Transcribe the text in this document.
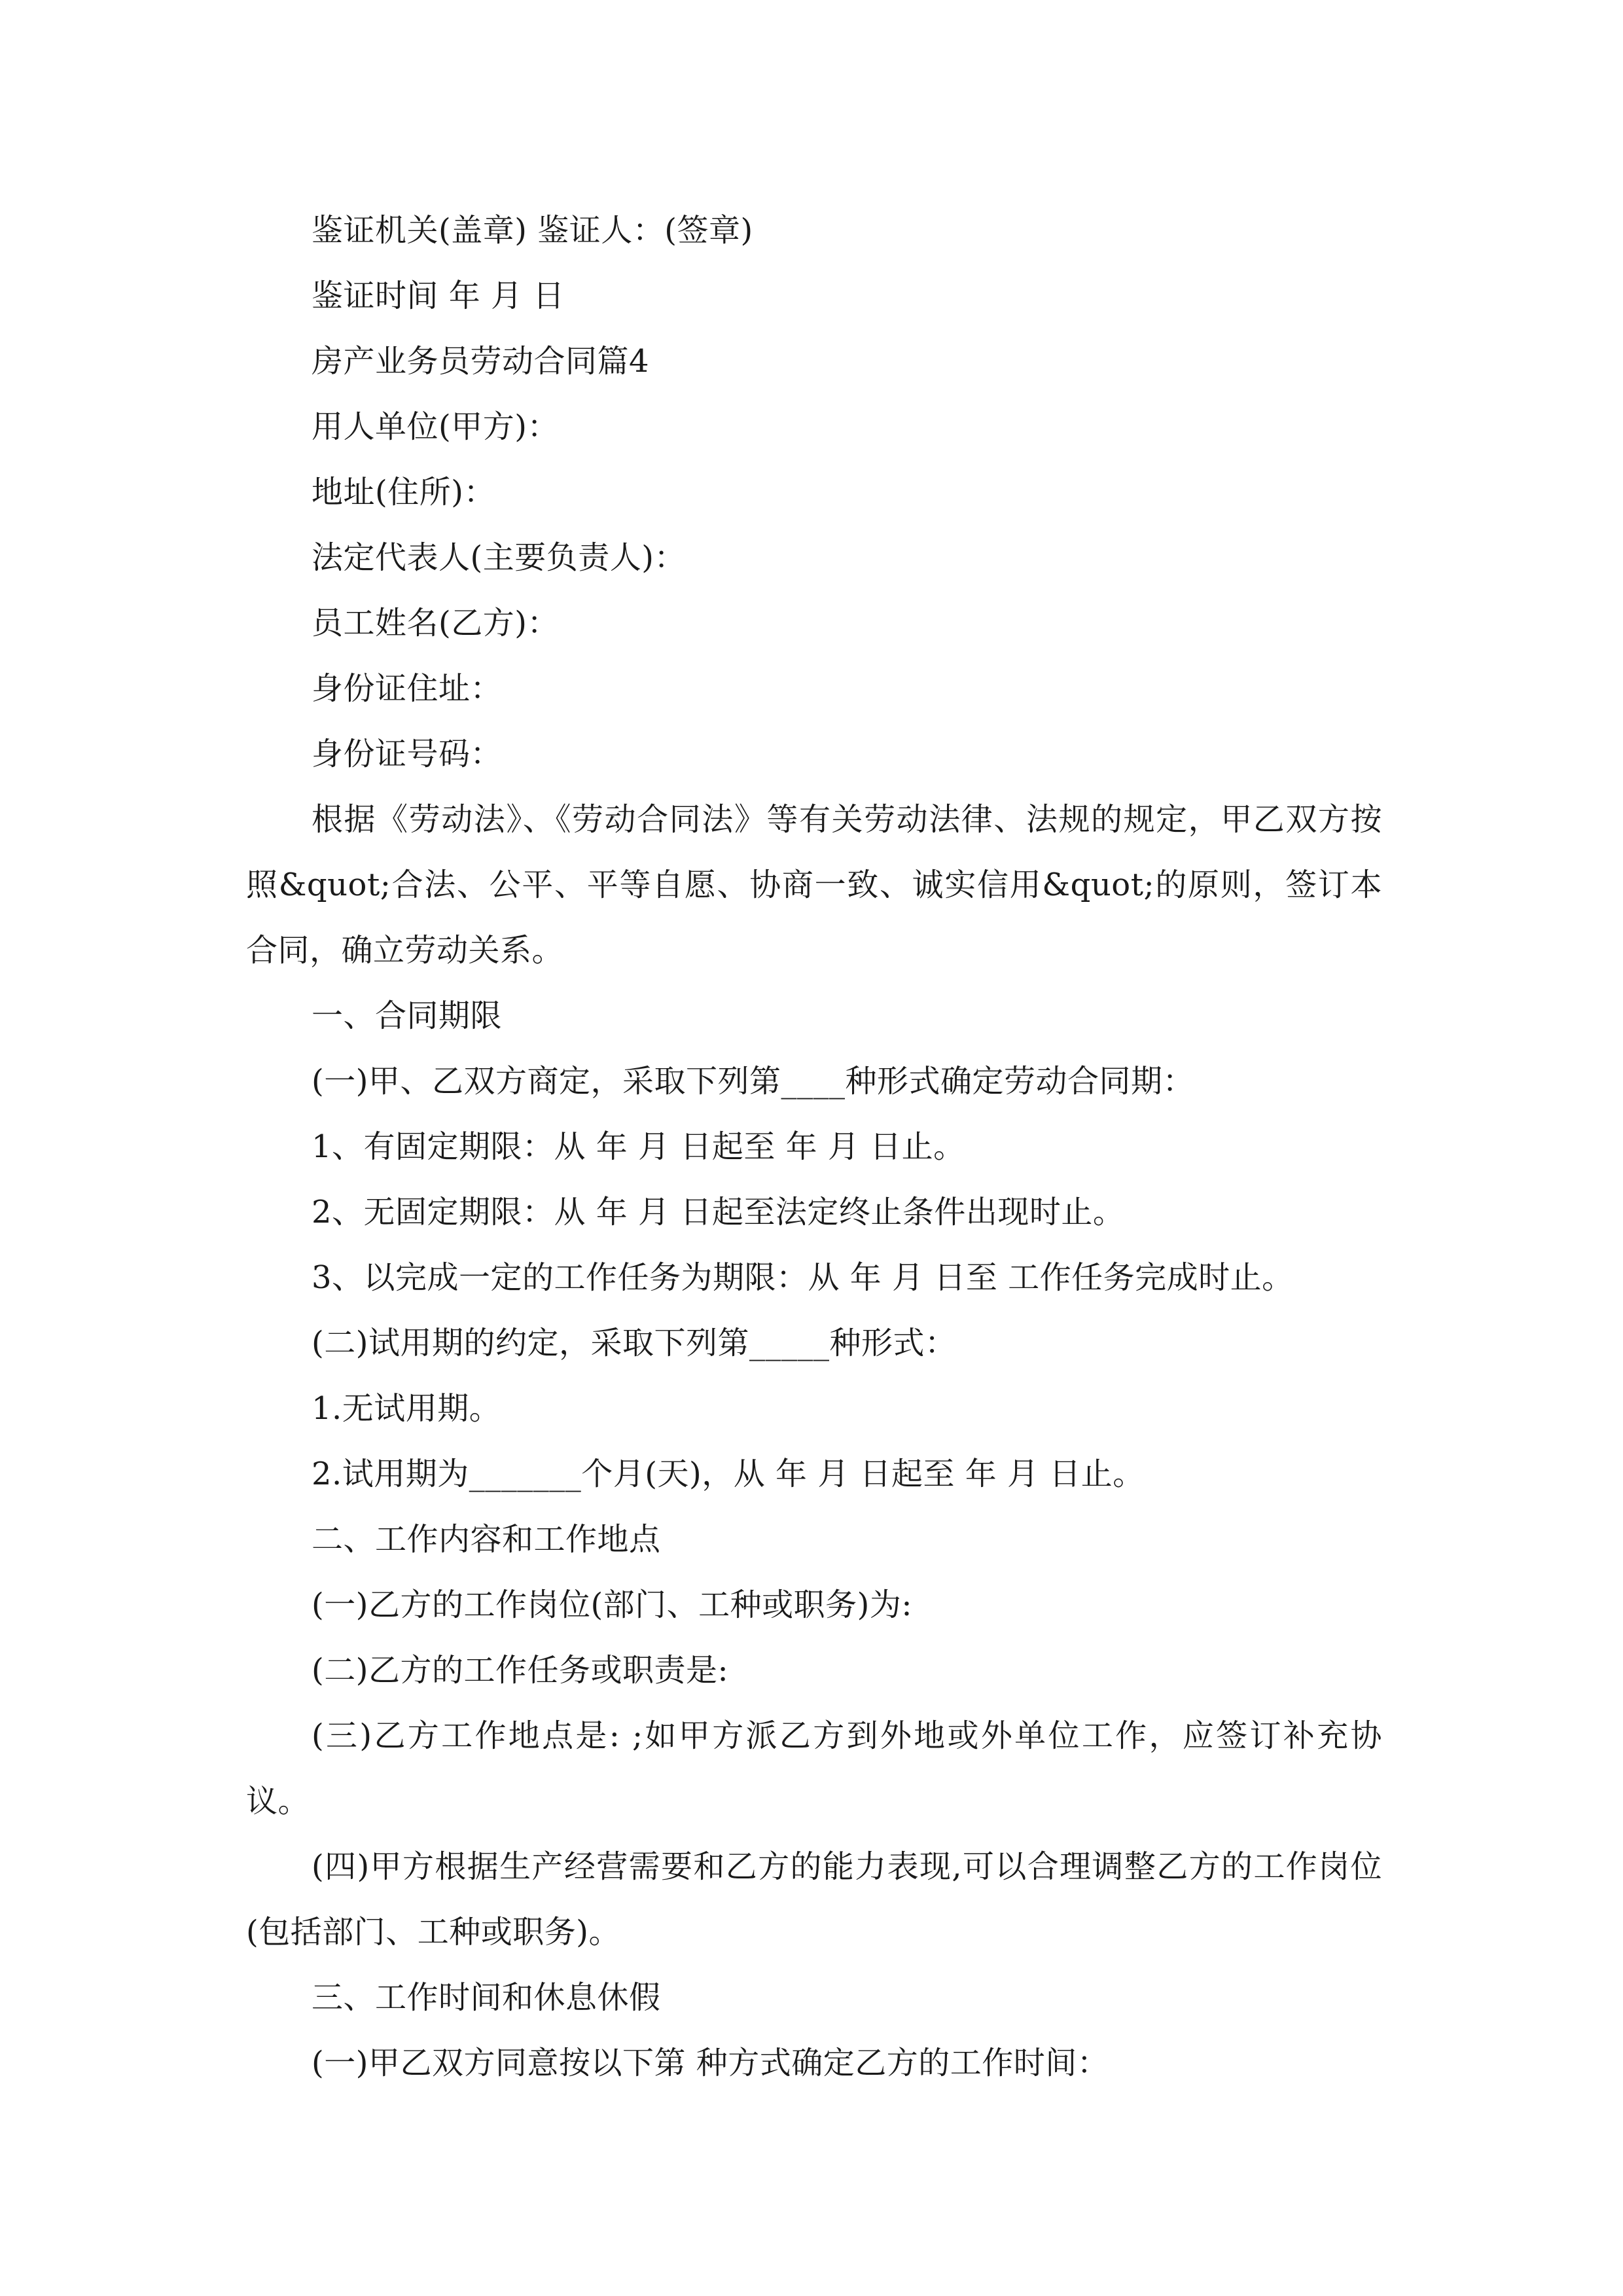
鉴证机关(盖章) 鉴证人：(签章)
鉴证时间 年 月 日
房产业务员劳动合同篇4
用人单位(甲方)：
地址(住所)：
法定代表人(主要负责人)：
员工姓名(乙方)：
身份证住址：
身份证号码：
根据《劳动法》、《劳动合同法》等有关劳动法律、法规的规定，甲乙双方按照&quot;合法、公平、平等自愿、协商一致、诚实信用&quot;的原则，签订本合同，确立劳动关系。
一、合同期限
(一)甲、乙双方商定，采取下列第____种形式确定劳动合同期：
1、有固定期限：从 年 月 日起至 年 月 日止。
2、无固定期限：从 年 月 日起至法定终止条件出现时止。
3、以完成一定的工作任务为期限：从 年 月 日至 工作任务完成时止。
(二)试用期的约定，采取下列第_____种形式：
1.无试用期。
2.试用期为_______个月(天)，从 年 月 日起至 年 月 日止。
二、工作内容和工作地点
(一)乙方的工作岗位(部门、工种或职务)为:
(二)乙方的工作任务或职责是:
(三)乙方工作地点是: ;如甲方派乙方到外地或外单位工作，应签订补充协议。
(四)甲方根据生产经营需要和乙方的能力表现,可以合理调整乙方的工作岗位(包括部门、工种或职务)。
三、工作时间和休息休假
(一)甲乙双方同意按以下第 种方式确定乙方的工作时间：
